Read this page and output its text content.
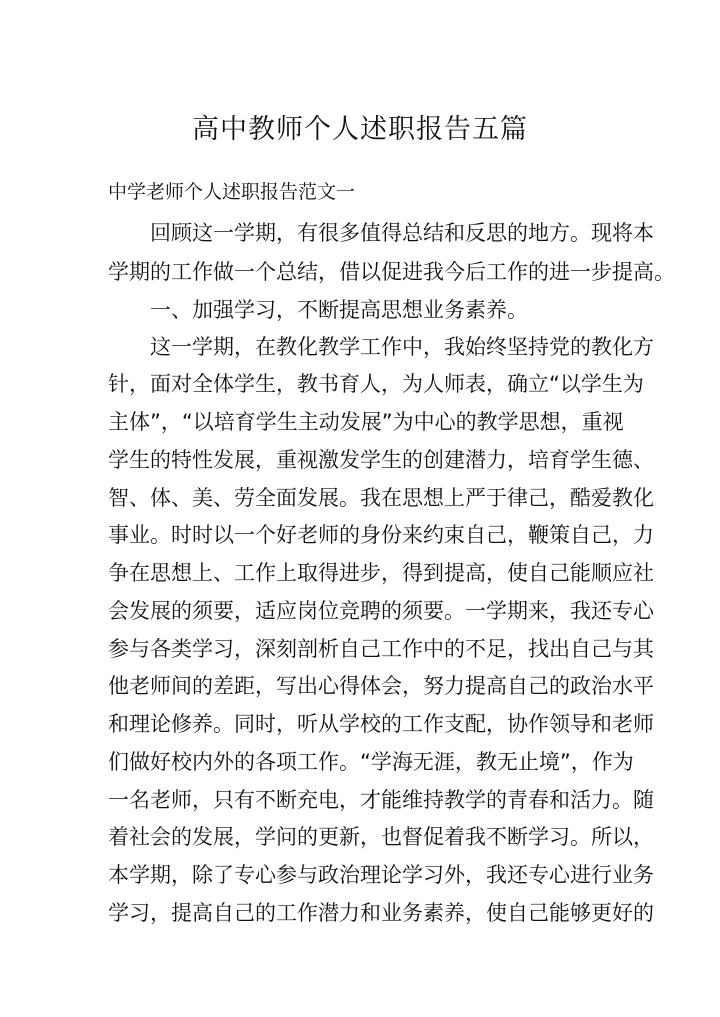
高中教师个人述职报告五篇
中学老师个人述职报告范文一
回顾这一学期，有很多值得总结和反思的地方。现将本
学期的工作做一个总结，借以促进我今后工作的进一步提高。
一、加强学习，不断提高思想业务素养。
这一学期，在教化教学工作中，我始终坚持党的教化方
针，面对全体学生，教书育人，为人师表，确立“以学生为
主体”，“以培育学生主动发展”为中心的教学思想，重视
学生的特性发展，重视激发学生的创建潜力，培育学生德、
智、体、美、劳全面发展。我在思想上严于律己，酷爱教化
事业。时时以一个好老师的身份来约束自己，鞭策自己，力
争在思想上、工作上取得进步，得到提高，使自己能顺应社
会发展的须要，适应岗位竞聘的须要。一学期来，我还专心
参与各类学习，深刻剖析自己工作中的不足，找出自己与其
他老师间的差距，写出心得体会，努力提高自己的政治水平
和理论修养。同时，听从学校的工作支配，协作领导和老师
们做好校内外的各项工作。“学海无涯，教无止境”，作为
一名老师，只有不断充电，才能维持教学的青春和活力。随
着社会的发展，学问的更新，也督促着我不断学习。所以，
本学期，除了专心参与政治理论学习外，我还专心进行业务
学习，提高自己的工作潜力和业务素养，使自己能够更好的
